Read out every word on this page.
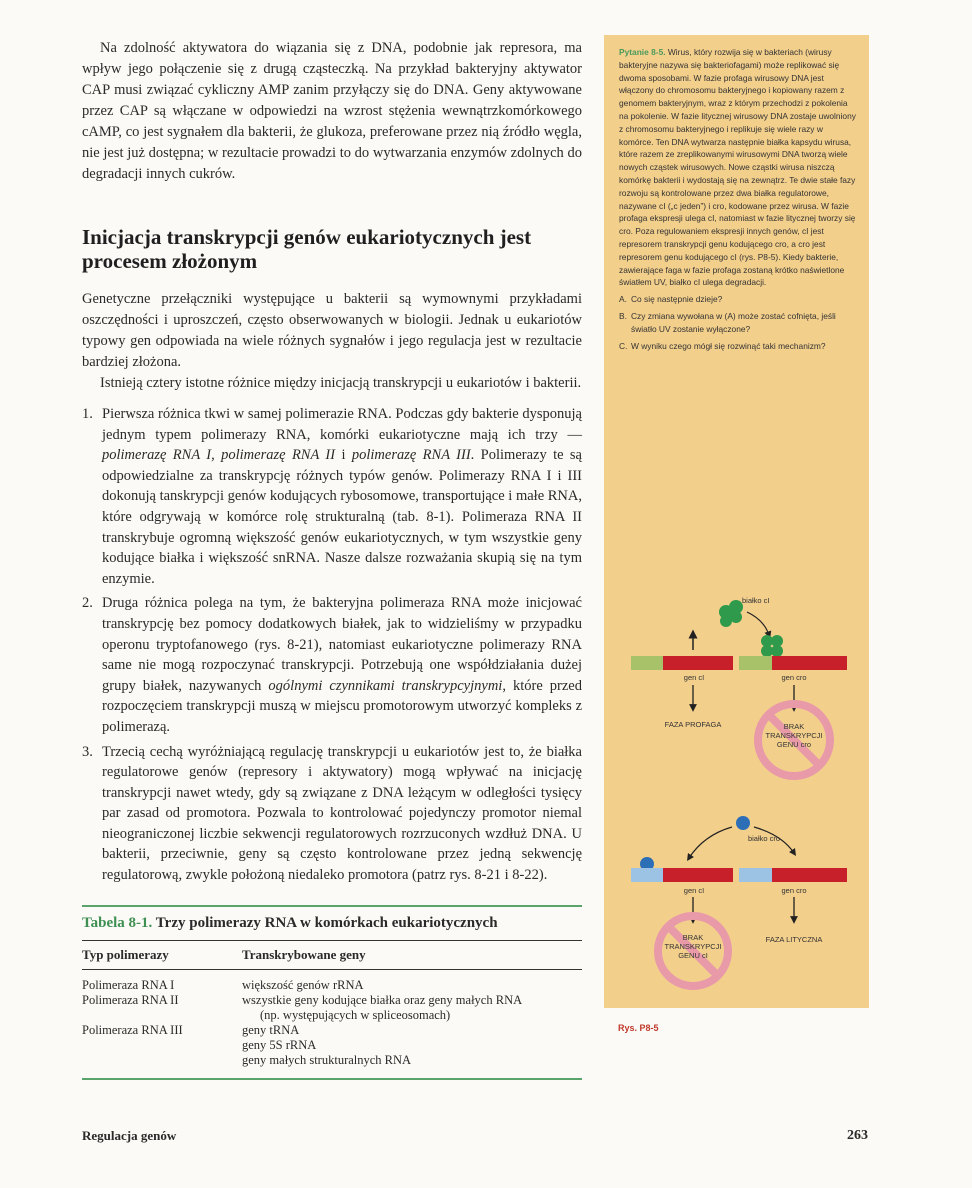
Na zdolność aktywatora do wiązania się z DNA, podobnie jak represora, ma wpływ jego połączenie się z drugą cząsteczką. Na przykład bakteryjny aktywator CAP musi związać cykliczny AMP zanim przyłączy się do DNA. Geny aktywowane przez CAP są włączane w odpowiedzi na wzrost stężenia wewnątrzkomórkowego cAMP, co jest sygnałem dla bakterii, że glukoza, preferowane przez nią źródło węgla, nie jest już dostępna; w rezultacie prowadzi to do wytwarzania enzymów zdolnych do degradacji innych cukrów.

Inicjacja transkrypcji genów eukariotycznych jest procesem złożonym

Genetyczne przełączniki występujące u bakterii są wymownymi przykładami oszczędności i uproszczeń, często obserwowanych w biologii. Jednak u eukariotów typowy gen odpowiada na wiele różnych sygnałów i jego regulacja jest w rezultacie bardziej złożona.

Istnieją cztery istotne różnice między inicjacją transkrypcji u eukariotów i bakterii.

1. Pierwsza różnica tkwi w samej polimerazie RNA. Podczas gdy bakterie dysponują jednym typem polimerazy RNA, komórki eukariotyczne mają ich trzy — polimerazę RNA I, polimerazę RNA II i polimerazę RNA III. Polimerazy te są odpowiedzialne za transkrypcję różnych typów genów. Polimerazy RNA I i III dokonują tanskrypcji genów kodujących rybosomowe, transportujące i małe RNA, które odgrywają w komórce rolę strukturalną (tab. 8-1). Polimeraza RNA II transkrybuje ogromną większość genów eukariotycznych, w tym wszystkie geny kodujące białka i większość snRNA. Nasze dalsze rozważania skupią się na tym enzymie.
2. Druga różnica polega na tym, że bakteryjna polimeraza RNA może inicjować transkrypcję bez pomocy dodatkowych białek, jak to widzieliśmy w przypadku operonu tryptofanowego (rys. 8-21), natomiast eukariotyczne polimerazy RNA same nie mogą rozpoczynać transkrypcji. Potrzebują one współdziałania dużej grupy białek, nazywanych ogólnymi czynnikami transkrypcyjnymi, które przed rozpoczęciem transkrypcji muszą w miejscu promotorowym utworzyć kompleks z polimerazą.
3. Trzecią cechą wyróżniającą regulację transkrypcji u eukariotów jest to, że białka regulatorowe genów (represory i aktywatory) mogą wpływać na inicjację transkrypcji nawet wtedy, gdy są związane z DNA leżącym w odległości tysięcy par zasad od promotora. Pozwala to kontrolować pojedynczy promotor niemal nieograniczonej liczbie sekwencji regulatorowych rozrzuconych wzdłuż DNA. U bakterii, przeciwnie, geny są często kontrolowane przez jedną sekwencję regulatorową, zwykle położoną niedaleko promotora (patrz rys. 8-21 i 8-22).
Tabela 8-1. Trzy polimerazy RNA w komórkach eukariotycznych
Typ polimerazy	Transkrybowane geny
Polimeraza RNA I	większość genów rRNA
Polimeraza RNA II	wszystkie geny kodujące białka oraz geny małych RNA
(np. występujących w spliceosomach)
Polimeraza RNA III	geny tRNA
geny 5S rRNA
geny małych strukturalnych RNA
Regulacja genów	263

Pytanie 8-5. Wirus, który rozwija się w bakteriach (wirusy bakteryjne nazywa się bakteriofagami) może replikować się dwoma sposobami. W fazie profaga wirusowy DNA jest włączony do chromosomu bakteryjnego i kopiowany razem z genomem bakteryjnym, wraz z którym przechodzi z pokolenia na pokolenie. W fazie litycznej wirusowy DNA zostaje uwolniony z chromosomu bakteryjnego i replikuje się wiele razy w komórce. Ten DNA wytwarza następnie białka kapsydu wirusa, które razem ze zreplikowanymi wirusowymi DNA tworzą wiele nowych cząstek wirusowych. Nowe cząstki wirusa niszczą komórkę bakterii i wydostają się na zewnątrz. Te dwie stałe fazy rozwoju są kontrolowane przez dwa białka regulatorowe, nazywane cI („c jeden”) i cro, kodowane przez wirusa. W fazie profaga ekspresji ulega cI, natomiast w fazie litycznej tworzy się cro. Poza regulowaniem ekspresji innych genów, cI jest represorem transkrypcji genu kodującego cro, a cro jest represorem genu kodującego cI (rys. P8-5). Kiedy bakterie, zawierające faga w fazie profaga zostaną krótko naświetlone światłem UV, białko cI ulega degradacji.

A. Co się następnie dzieje?
B. Czy zmiana wywołana w (A) może zostać cofnięta, jeśli światło UV zostanie wyłączone?
C. W wyniku czego mógł się rozwinąć taki mechanizm?
białko cI
gen cI	gen cro
FAZA PROFAGA	BRAK TRANSKRYPCJI GENU cro
białko cro
gen cI	gen cro
BRAK TRANSKRYPCJI GENU cI
FAZA LITYCZNA
Rys. P8-5
